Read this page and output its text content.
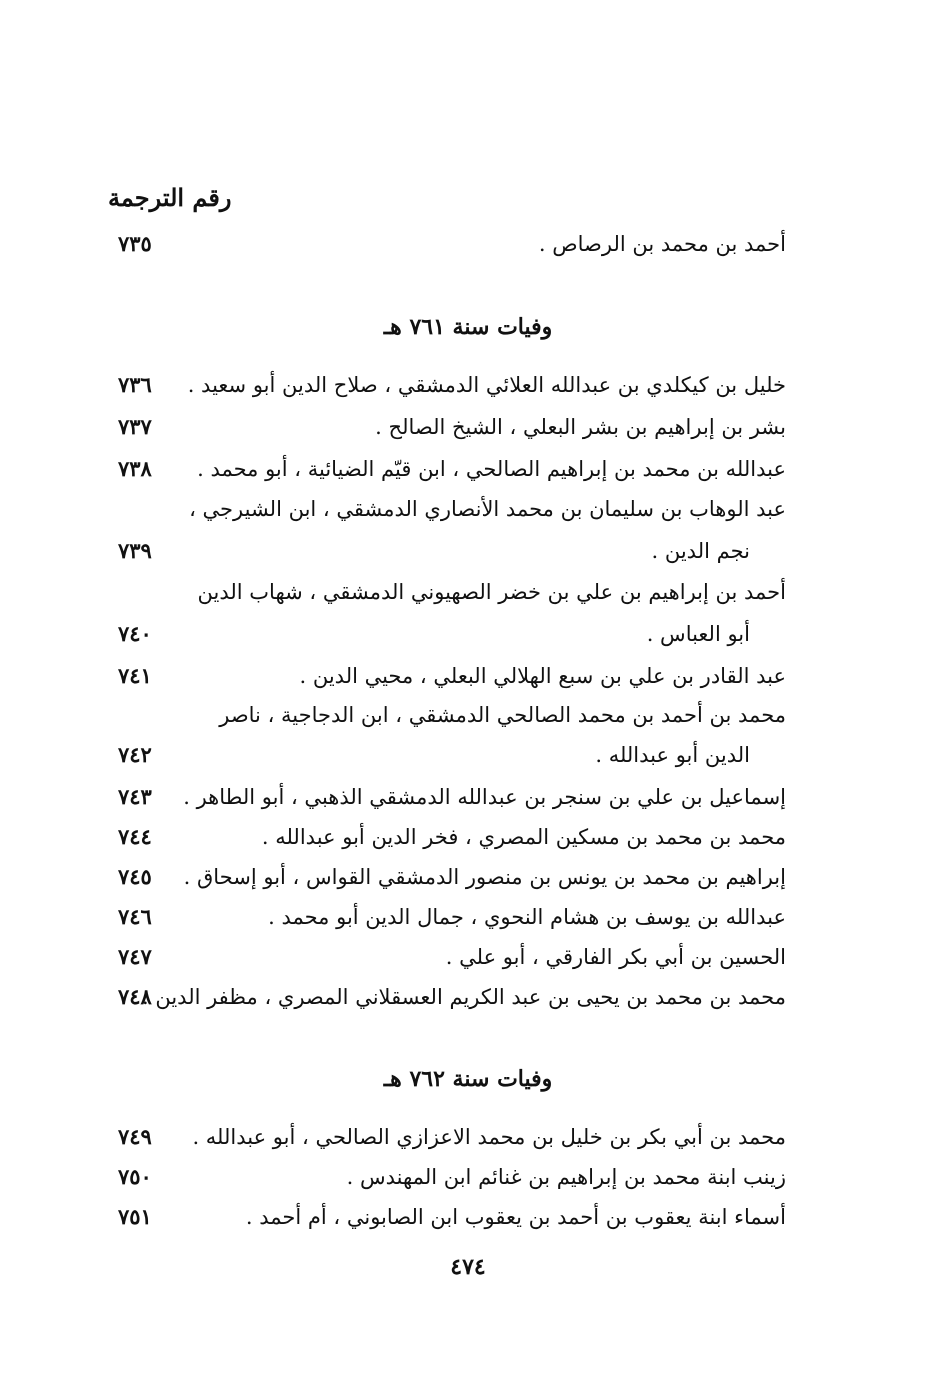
رقم الترجمة
أحمد بن محمد بن الرصاص .
٧٣٥
وفيات سنة ٧٦١ هـ
خليل بن كيكلدي بن عبدالله العلائي الدمشقي ، صلاح الدين أبو سعيد .
٧٣٦
بشر بن إبراهيم بن بشر البعلي ، الشيخ الصالح .
٧٣٧
عبدالله بن محمد بن إبراهيم الصالحي ، ابن قيّم الضيائية ، أبو محمد .
٧٣٨
عبد الوهاب بن سليمان بن محمد الأنصاري الدمشقي ، ابن الشيرجي ،
نجم الدين .
٧٣٩
أحمد بن إبراهيم بن علي بن خضر الصهيوني الدمشقي ، شهاب الدين
أبو العباس .
٧٤٠
عبد القادر بن علي بن سبع الهلالي البعلي ، محيي الدين .
٧٤١
محمد بن أحمد بن محمد الصالحي الدمشقي ، ابن الدجاجية ، ناصر
الدين أبو عبدالله .
٧٤٢
إسماعيل بن علي بن سنجر بن عبدالله الدمشقي الذهبي ، أبو الطاهر .
٧٤٣
محمد بن محمد بن مسكين المصري ، فخر الدين أبو عبدالله .
٧٤٤
إبراهيم بن محمد بن يونس بن منصور الدمشقي القواس ، أبو إسحاق .
٧٤٥
عبدالله بن يوسف بن هشام النحوي ، جمال الدين أبو محمد .
٧٤٦
الحسين بن أبي بكر الفارقي ، أبو علي .
٧٤٧
محمد بن محمد بن يحيى بن عبد الكريم العسقلاني المصري ، مظفر الدين .
٧٤٨
وفيات سنة ٧٦٢ هـ
محمد بن أبي بكر بن خليل بن محمد الاعزازي الصالحي ، أبو عبدالله .
٧٤٩
زينب ابنة محمد بن إبراهيم بن غنائم ابن المهندس .
٧٥٠
أسماء ابنة يعقوب بن أحمد بن يعقوب ابن الصابوني ، أم أحمد .
٧٥١
٤٧٤
